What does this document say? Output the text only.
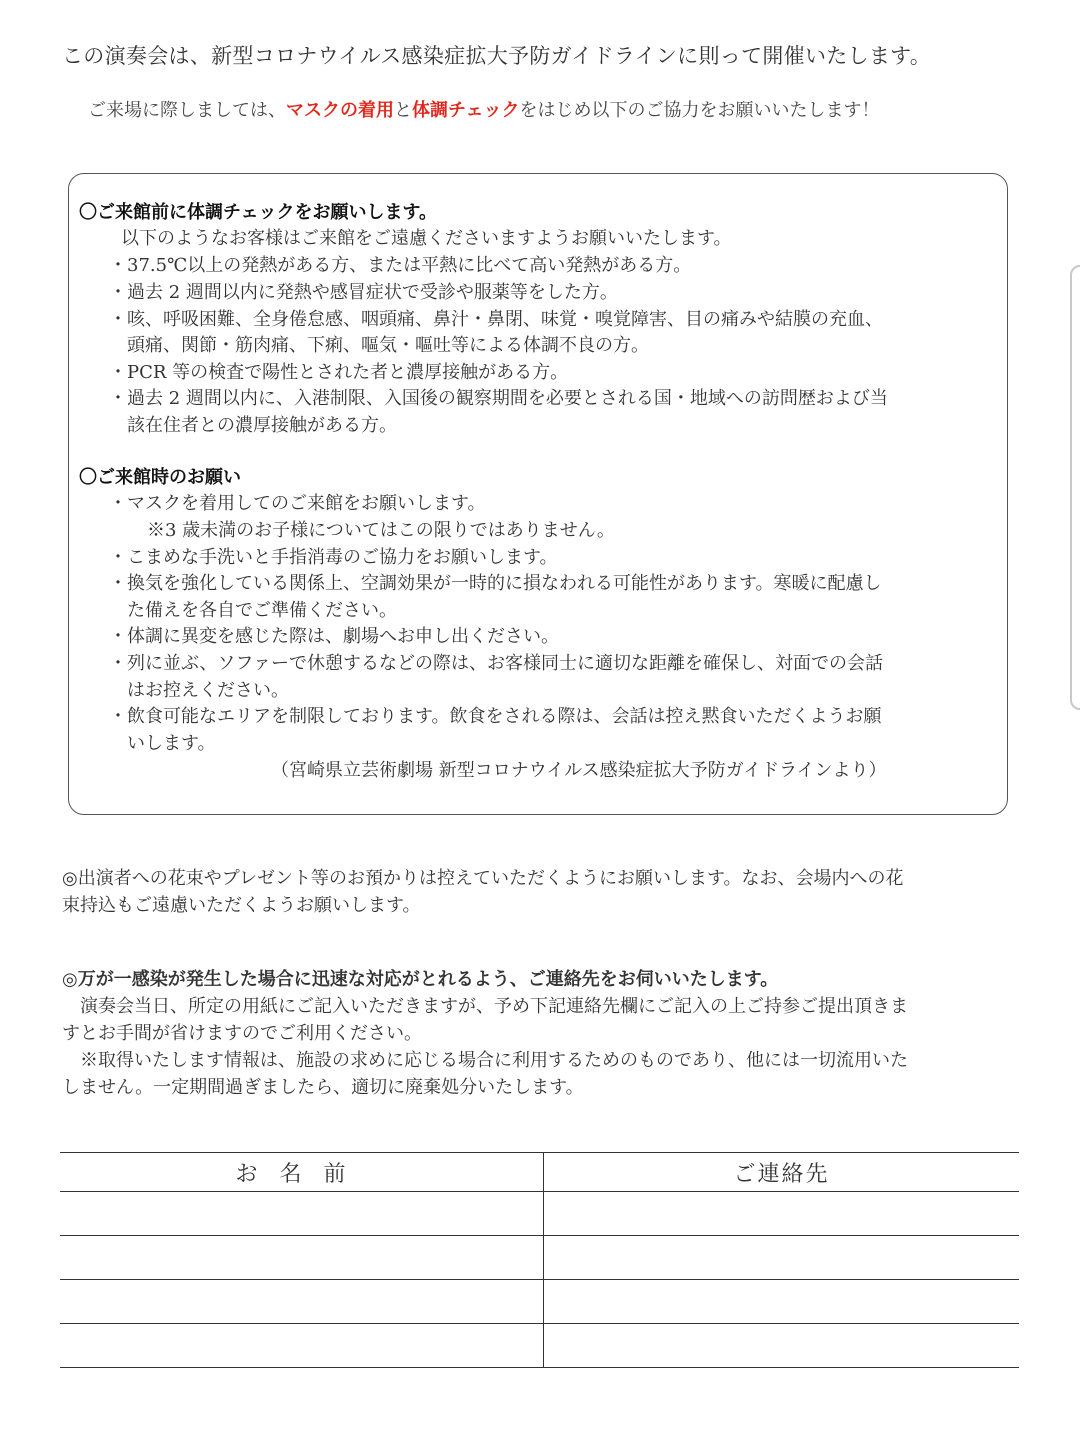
この演奏会は、新型コロナウイルス感染症拡大予防ガイドラインに則って開催いたします。
ご来場に際しましては、マスクの着用と体調チェックをはじめ以下のご協力をお願いいたします！
〇ご来館前に体調チェックをお願いします。
以下のようなお客様はご来館をご遠慮くださいますようお願いいたします。
・37.5℃以上の発熱がある方、または平熱に比べて高い発熱がある方。
・過去 2 週間以内に発熱や感冒症状で受診や服薬等をした方。
・咳、呼吸困難、全身倦怠感、咽頭痛、鼻汁・鼻閉、味覚・嗅覚障害、目の痛みや結膜の充血、
頭痛、関節・筋肉痛、下痢、嘔気・嘔吐等による体調不良の方。
・PCR 等の検査で陽性とされた者と濃厚接触がある方。
・過去 2 週間以内に、入港制限、入国後の観察期間を必要とされる国・地域への訪問歴および当
該在住者との濃厚接触がある方。
〇ご来館時のお願い
・マスクを着用してのご来館をお願いします。
※3 歳未満のお子様についてはこの限りではありません。
・こまめな手洗いと手指消毒のご協力をお願いします。
・換気を強化している関係上、空調効果が一時的に損なわれる可能性があります。寒暖に配慮し
た備えを各自でご準備ください。
・体調に異変を感じた際は、劇場へお申し出ください。
・列に並ぶ、ソファーで休憩するなどの際は、お客様同士に適切な距離を確保し、対面での会話
はお控えください。
・飲食可能なエリアを制限しております。飲食をされる際は、会話は控え黙食いただくようお願
いします。
（宮崎県立芸術劇場 新型コロナウイルス感染症拡大予防ガイドラインより）
◎出演者への花束やプレゼント等のお預かりは控えていただくようにお願いします。なお、会場内への花
束持込もご遠慮いただくようお願いします。
◎万が一感染が発生した場合に迅速な対応がとれるよう、ご連絡先をお伺いいたします。
演奏会当日、所定の用紙にご記入いただきますが、予め下記連絡先欄にご記入の上ご持参ご提出頂きま
すとお手間が省けますのでご利用ください。
※取得いたします情報は、施設の求めに応じる場合に利用するためのものであり、他には一切流用いた
しません。一定期間過ぎましたら、適切に廃棄処分いたします。
お名前	ご連絡先
